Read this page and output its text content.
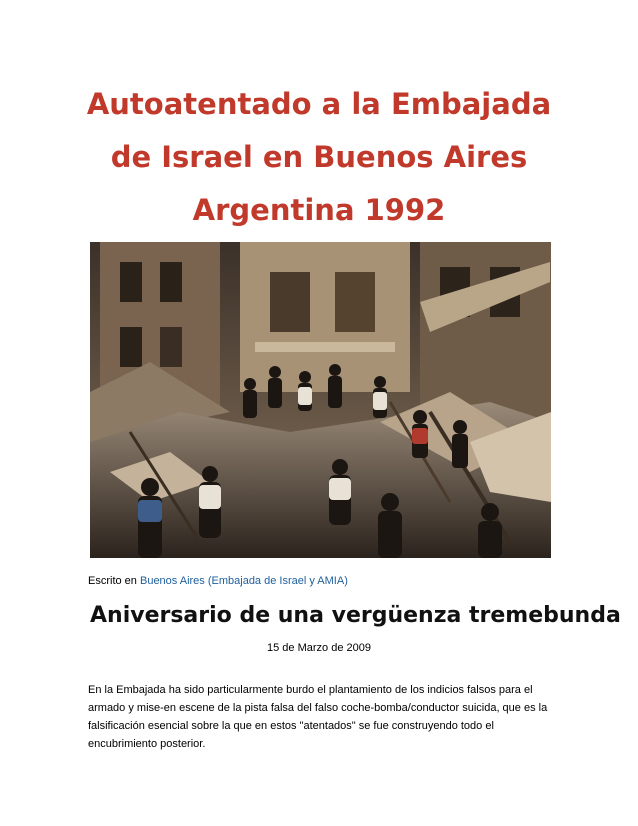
Autoatentado a la Embajada
de Israel en Buenos Aires
Argentina 1992
Escrito en Buenos Aires (Embajada de Israel y AMIA)
Aniversario de una vergüenza tremebunda
15 de Marzo de 2009

En la Embajada ha sido particularmente burdo el plantamiento de los indicios falsos para el armado y mise-en escene de la pista falsa del falso coche-bomba/conductor suicida, que es la falsificación esencial sobre la que en estos "atentados" se fue construyendo todo el encubrimiento posterior.
